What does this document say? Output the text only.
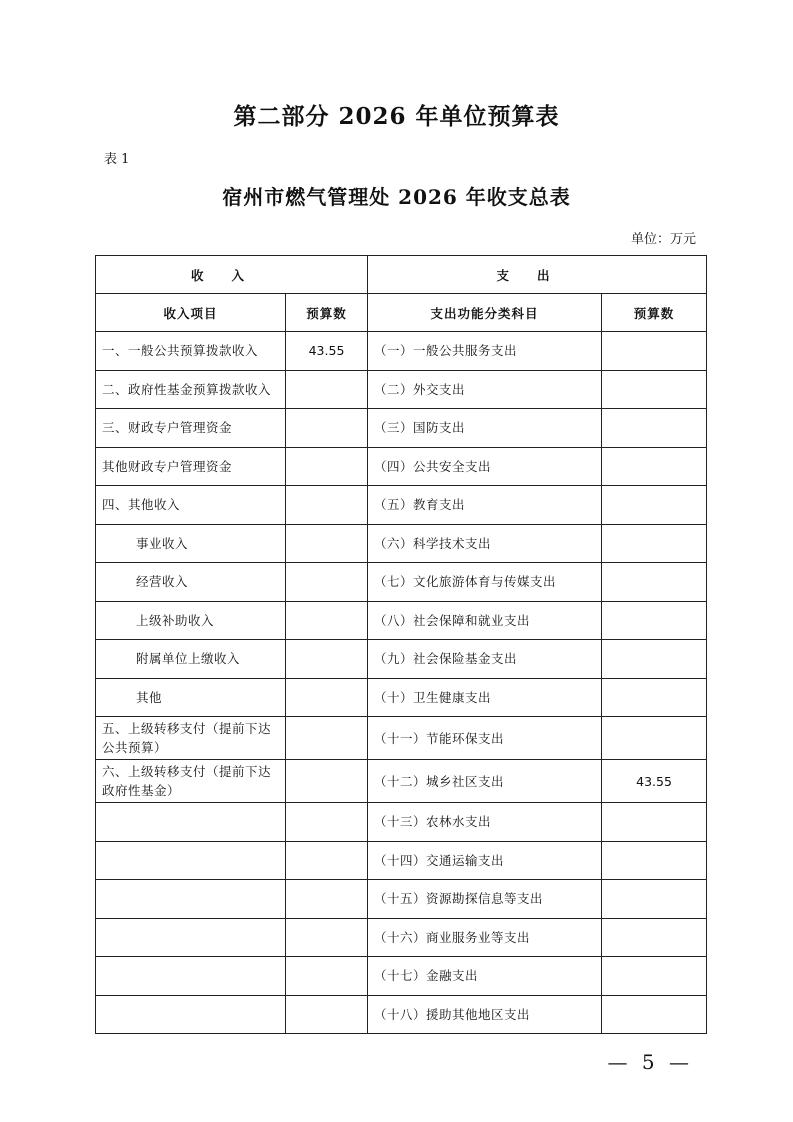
第二部分 2026 年单位预算表
表 1
宿州市燃气管理处 2026 年收支总表
单位：万元
收入		支出	
收入项目	预算数	支出功能分类科目	预算数
一、一般公共预算拨款收入	43.55	（一）一般公共服务支出	
二、政府性基金预算拨款收入		（二）外交支出	
三、财政专户管理资金		（三）国防支出	
其他财政专户管理资金		（四）公共安全支出	
四、其他收入		（五）教育支出	
事业收入		（六）科学技术支出	
经营收入		（七）文化旅游体育与传媒支出	
上级补助收入		（八）社会保障和就业支出	
附属单位上缴收入		（九）社会保险基金支出	
其他		（十）卫生健康支出	
五、上级转移支付（提前下达公共预算）		（十一）节能环保支出	
六、上级转移支付（提前下达政府性基金）		（十二）城乡社区支出	43.55
		（十三）农林水支出	
		（十四）交通运输支出	
		（十五）资源勘探信息等支出	
		（十六）商业服务业等支出	
		（十七）金融支出	
		（十八）援助其他地区支出	
— 5 —
